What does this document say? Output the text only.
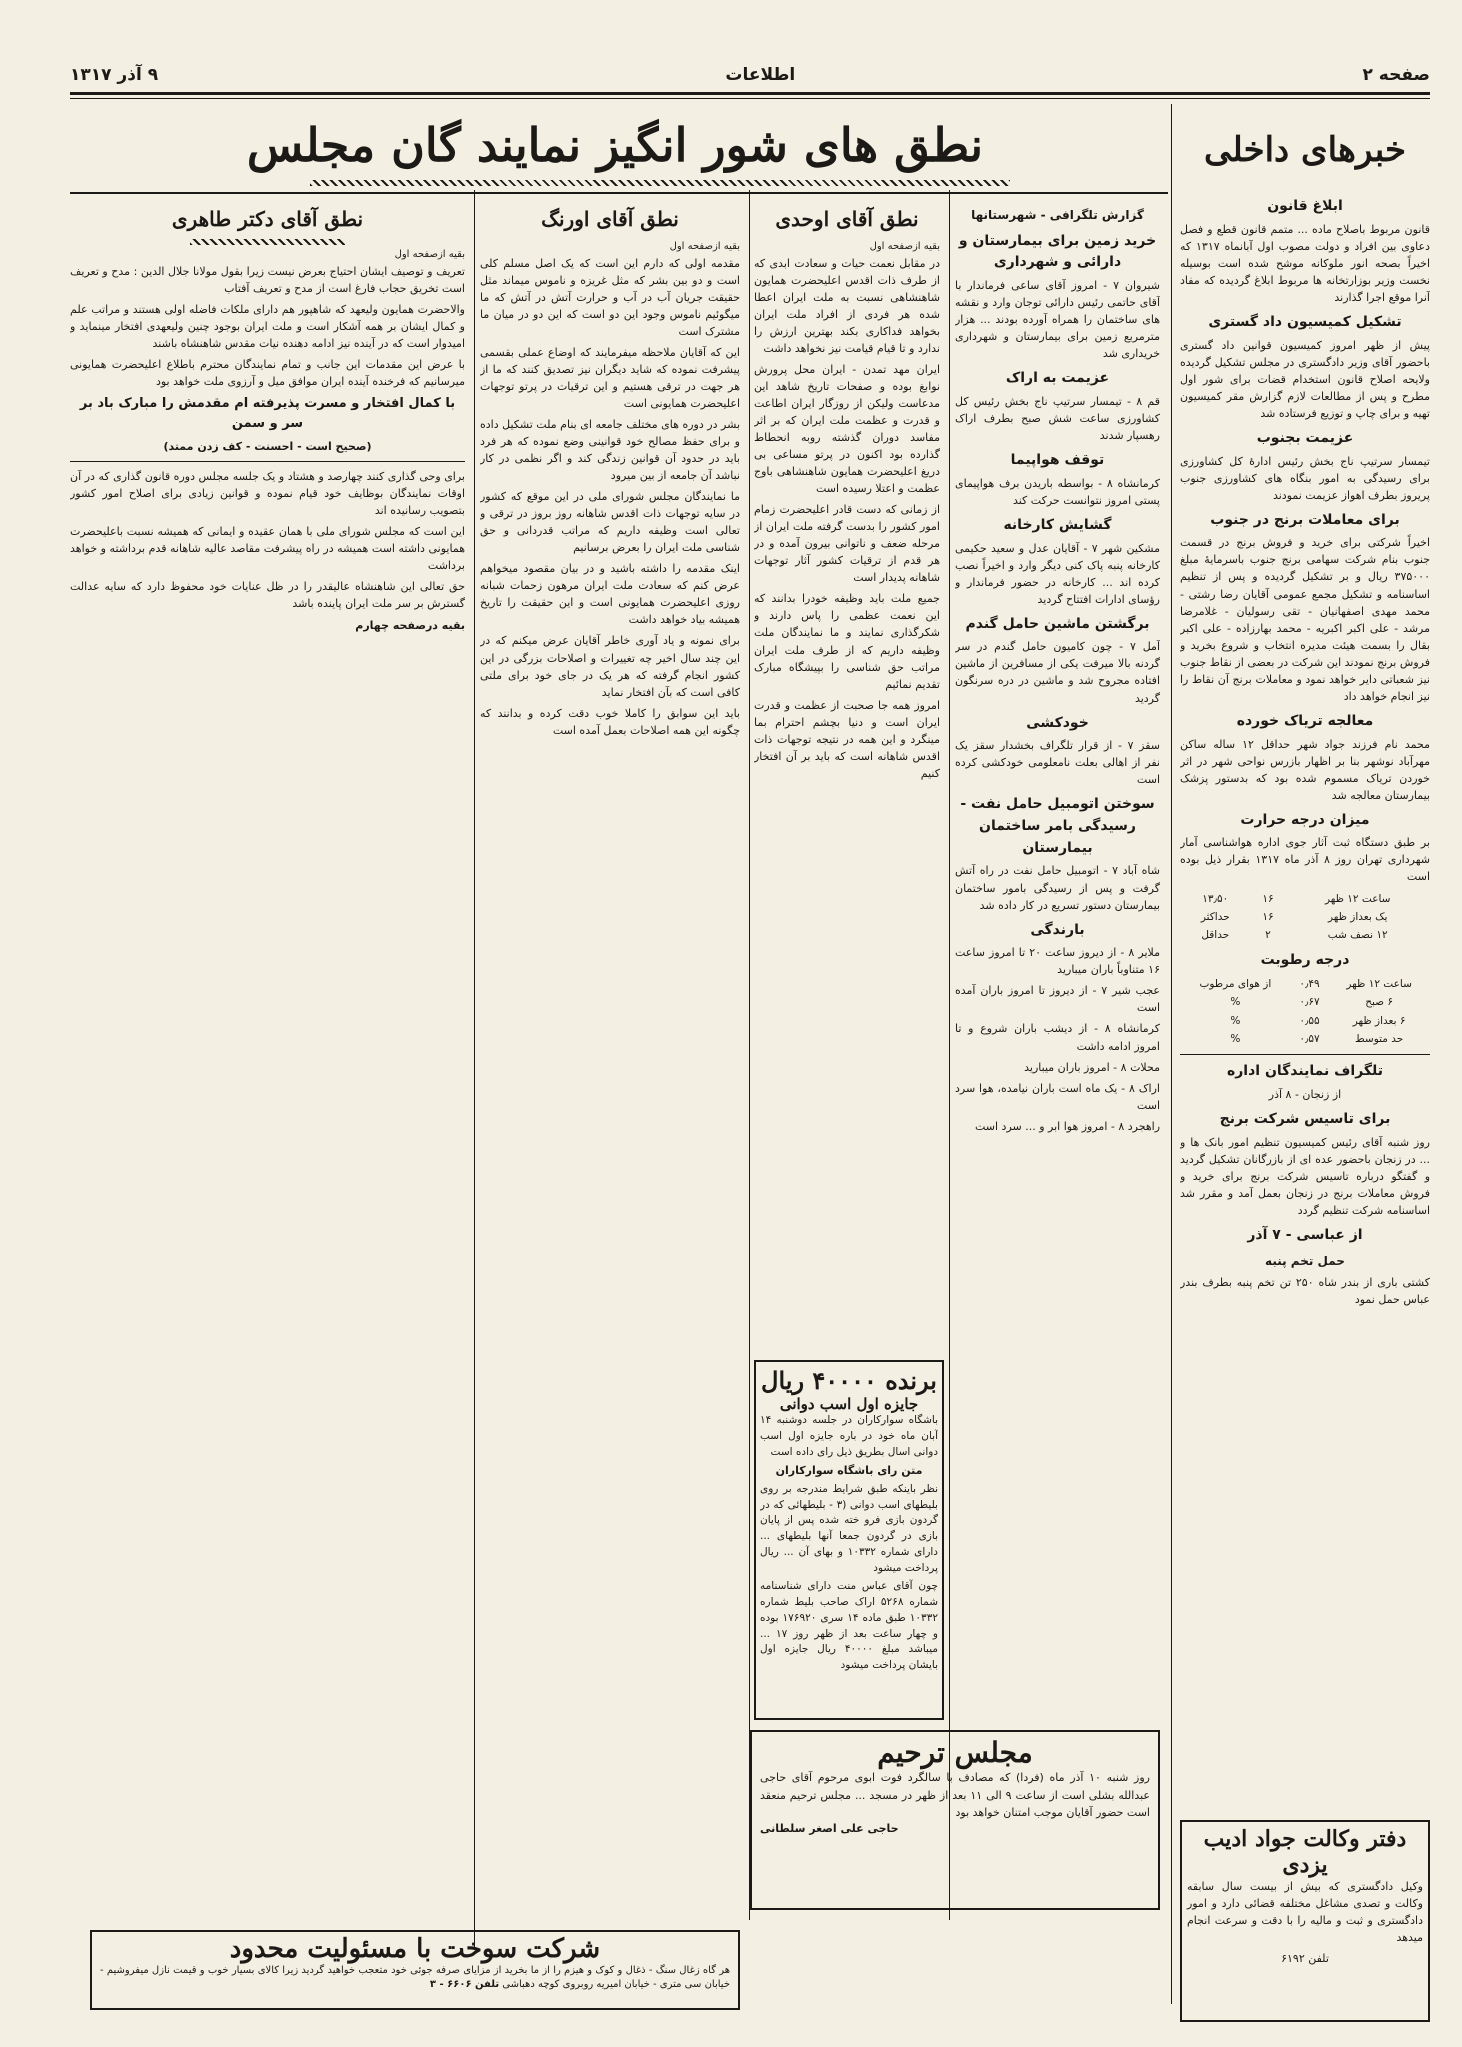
صفحه ۲
اطلاعات
۹ آذر ۱۳۱۷
خبرهای داخلی
نطق های شور انگیز نمایند گان مجلس
ابلاغ قانون

قانون مربوط باصلاح ماده ... متمم قانون قطع و فصل دعاوی بین افراد و دولت مصوب اول آبانماه ۱۳۱۷ که اخیراً بصحه انور ملوکانه موشح شده است بوسیله نخست وزیر بوزارتخانه ها مربوط ابلاغ گردیده که مفاد آنرا موقع اجرا گذارند

تشکیل کمیسیون داد گستری

پیش از ظهر امروز کمیسیون قوانین داد گستری باحضور آقای وزیر دادگستری در مجلس تشکیل گردیده ولایحه اصلاح قانون استخدام قضات برای شور اول مطرح و پس از مطالعات لازم گزارش مقر کمیسیون تهیه و برای چاپ و توزیع فرستاده شد

عزیمت بجنوب

تیمسار سرتیپ ناج بخش رئیس ادارهٔ کل کشاورزی برای رسیدگی به امور بنگاه های کشاورزی جنوب پریروز بطرف اهواز عزیمت نمودند

برای معاملات برنج در جنوب

اخیراً شرکتی برای خرید و فروش برنج در قسمت جنوب بنام شرکت سهامی برنج جنوب باسرمایهٔ مبلغ ۳۷۵۰۰۰ ریال و بر تشکیل گردیده و پس از تنظیم اساسنامه و تشکیل مجمع عمومی آقایان رضا رشتی - محمد مهدی اصفهانیان - تقی رسولیان - غلامرضا مرشد - علی اکبر اکبریه - محمد بهارزاده - علی اکبر بقال را بسمت هیئت مدیره انتخاب و شروع بخرید و فروش برنج نمودند این شرکت در بعضی از نقاط جنوب نیز شعباتی دایر خواهد نمود و معاملات برنج آن نقاط را نیز انجام خواهد داد

معالجه تریاک خورده

محمد نام فرزند جواد شهر حداقل ۱۲ ساله ساکن مهرآباد نوشهر بنا بر اظهار بازرس نواحی شهر در اثر خوردن تریاک مسموم شده بود که بدستور پزشک بیمارستان معالجه شد

میزان درجه حرارت

بر طبق دستگاه ثبت آثار جوی اداره هواشناسی آمار شهرداری تهران روز ۸ آذر ماه ۱۳۱۷ بقرار ذیل بوده است

ساعت ۱۲ ظهر	۱۶	۱۳٫۵۰
یک بعداز ظهر	۱۶	حداکثر
۱۲ نصف شب	۲	حداقل
درجه رطوبت
ساعت ۱۲ ظهر	۰٫۴۹	از هوای مرطوب
۶ صبح	۰٫۶۷	%
۶ بعداز ظهر	۰٫۵۵	%
حد متوسط	۰٫۵۷	%
تلگراف نمایندگان اداره

از زنجان - ۸ آذر

برای تاسیس شرکت برنج

روز شنبه آقای رئیس کمیسیون تنظیم امور بانک ها و ... در زنجان باحضور عده ای از بازرگانان تشکیل گردید و گفتگو درباره تاسیس شرکت برنج برای خرید و فروش معاملات برنج در زنجان بعمل آمد و مقرر شد اساسنامه شرکت تنظیم گردد

از عباسی - ۷ آذر
حمل تخم پنبه

کشتی باری از بندر شاه ۲۵۰ تن تخم پنبه بطرف بندر عباس حمل نمود

دفتر وکالت جواد ادیب یزدی

وکیل دادگستری که بیش از بیست سال سابقه وکالت و تصدی مشاغل مختلفه قضائی دارد و امور دادگستری و ثبت و مالیه را با دقت و سرعت انجام میدهد

تلفن ۶۱۹۲

گزارش تلگرافی - شهرستانها
خرید زمین برای بیمارستان و دارائی و شهرداری

شیروان ۷ - امروز آقای ساعی فرماندار با آقای حاتمی رئیس دارائی توجان وارد و نقشه های ساختمان را همراه آورده بودند ... هزار مترمربع زمین برای بیمارستان و شهرداری خریداری شد

عزیمت به اراک

قم ۸ - تیمسار سرتیپ ناج بخش رئیس کل کشاورزی ساعت شش صبح بطرف اراک رهسپار شدند

توقف هواپیما

کرمانشاه ۸ - بواسطه باریدن برف هواپیمای پستی امروز نتوانست حرکت کند

گشایش کارخانه

مشکین شهر ۷ - آقایان عدل و سعید حکیمی کارخانه پنبه پاک کنی دیگر وارد و اخیراً نصب کرده اند ... کارخانه در حضور فرماندار و رؤسای ادارات افتتاح گردید

برگشتن ماشین حامل گندم

آمل ۷ - چون کامیون حامل گندم در سر گردنه بالا میرفت یکی از مسافرین از ماشین افتاده مجروح شد و ماشین در دره سرنگون گردید

خودکشی

سقز ۷ - از قرار تلگراف بخشدار سقز یک نفر از اهالی بعلت نامعلومی خودکشی کرده است

سوختن اتومبیل حامل نفت - رسیدگی بامر ساختمان بیمارستان

شاه آباد ۷ - اتومبیل حامل نفت در راه آتش گرفت و پس از رسیدگی بامور ساختمان بیمارستان دستور تسریع در کار داده شد

بارندگی

ملایر ۸ - از دیروز ساعت ۲۰ تا امروز ساعت ۱۶ متناوباً باران میبارید

عجب شیر ۷ - از دیروز تا امروز باران آمده است

کرمانشاه ۸ - از دیشب باران شروع و تا امروز ادامه داشت

محلات ۸ - امروز باران میبارید

اراک ۸ - یک ماه است باران نیامده، هوا سرد است

راهجرد ۸ - امروز هوا ابر و ... سرد است

مجلس ترحیم
روز شنبه ۱۰ آذر ماه (فردا) که مصادف با سالگرد فوت ابوی مرحوم آقای حاجی عبدالله بشلی است از ساعت ۹ الی ۱۱ بعد از ظهر در مسجد ... مجلس ترحیم منعقد است حضور آقایان موجب امتنان خواهد بود
حاجی علی اصغر سلطانی
نطق آقای اوحدی
بقیه ازصفحه اول

در مقابل نعمت حیات و سعادت ابدی که از طرف ذات اقدس اعلیحضرت همایون شاهنشاهی نسبت به ملت ایران اعطا شده هر فردی از افراد ملت ایران بخواهد فداکاری بکند بهترین ارزش را ندارد و تا قیام قیامت نیز نخواهد داشت

ایران مهد تمدن - ایران محل پرورش نوابغ بوده و صفحات تاریخ شاهد این مدعاست ولیکن از روزگار ایران اطاعت و قدرت و عظمت ملت ایران که بر اثر مفاسد دوران گذشته روبه انحطاط گذارده بود اکنون در پرتو مساعی بی دریغ اعلیحضرت همایون شاهنشاهی باوج عظمت و اعتلا رسیده است

از زمانی که دست قادر اعلیحضرت زمام امور کشور را بدست گرفته ملت ایران از مرحله ضعف و ناتوانی بیرون آمده و در هر قدم از ترقیات کشور آثار توجهات شاهانه پدیدار است

جمیع ملت باید وظیفه خودرا بدانند که این نعمت عظمی را پاس دارند و شکرگذاری نمایند و ما نمایندگان ملت وظیفه داریم که از طرف ملت ایران مراتب حق شناسی را بپیشگاه مبارک تقدیم نمائیم

امروز همه جا صحبت از عظمت و قدرت ایران است و دنیا بچشم احترام بما مینگرد و این همه در نتیجه توجهات ذات اقدس شاهانه است که باید بر آن افتخار کنیم

برنده ۴۰۰۰۰ ریال
جایزه اول اسب دوانی

باشگاه سوارکاران در جلسه دوشنبه ۱۴ آبان ماه خود در باره جایزه اول اسب دوانی اسال بطریق ذیل رای داده است

متن رای باشگاه سوارکاران

نظر باینکه طبق شرایط مندرجه بر روی بلیطهای اسب دوانی (۳ - بلیطهائی که در گردون بازی فرو خته شده پس از پایان بازی در گردون جمعا آنها بلیطهای ... دارای شماره ۱۰۳۳۲ و بهای آن ... ریال پرداخت میشود

چون آقای عباس منت دارای شناسنامه شماره ۵۲۶۸ اراک صاحب بلیط شماره ۱۰۳۳۲ طبق ماده ۱۴ سری ۱۷۶۹۲۰ بوده و چهار ساعت بعد از ظهر روز ۱۷ ... میباشد مبلغ ۴۰۰۰۰ ریال جایزه اول بایشان پرداخت میشود

نطق آقای اورنگ
بقیه ازصفحه اول

مقدمه اولی که دارم این است که یک اصل مسلم کلی است و دو بین بشر که مثل غریزه و ناموس میماند مثل حقیقت جریان آب در آب و حرارت آتش در آتش که ما میگوئیم ناموس وجود این دو است که این دو در میان ما مشترک است

این که آقایان ملاحظه میفرمایند که اوضاع عملی بقسمی پیشرفت نموده که شاید دیگران نیز تصدیق کنند که ما از هر جهت در ترقی هستیم و این ترقیات در پرتو توجهات اعلیحضرت همایونی است

بشر در دوره های مختلف جامعه ای بنام ملت تشکیل داده و برای حفظ مصالح خود قوانینی وضع نموده که هر فرد باید در حدود آن قوانین زندگی کند و اگر نظمی در کار نباشد آن جامعه از بین میرود

ما نمایندگان مجلس شورای ملی در این موقع که کشور در سایه توجهات ذات اقدس شاهانه روز بروز در ترقی و تعالی است وظیفه داریم که مراتب قدردانی و حق شناسی ملت ایران را بعرض برسانیم

اینک مقدمه را داشته باشید و در بیان مقصود میخواهم عرض کنم که سعادت ملت ایران مرهون زحمات شبانه روزی اعلیحضرت همایونی است و این حقیقت را تاریخ همیشه بیاد خواهد داشت

برای نمونه و یاد آوری خاطر آقایان عرض میکنم که در این چند سال اخیر چه تغییرات و اصلاحات بزرگی در این کشور انجام گرفته که هر یک در جای خود برای ملتی کافی است که بآن افتخار نماید

باید این سوابق را کاملا خوب دقت کرده و بدانند که چگونه این همه اصلاحات بعمل آمده است

نطق آقای دکتر طاهری
بقیه ازصفحه اول

تعریف و توصیف ایشان احتیاج بعرض نیست زیرا بقول مولانا جلال الدین : مدح و تعریف است تخریق حجاب فارغ است از مدح و تعریف آفتاب

والاحضرت همایون ولیعهد که شاهپور هم دارای ملکات فاضله اولی هستند و مراتب علم و کمال ایشان بر همه آشکار است و ملت ایران بوجود چنین ولیعهدی افتخار مینماید و امیدوار است که در آینده نیز ادامه دهنده نیات مقدس شاهنشاه باشند

با عرض این مقدمات این جانب و تمام نمایندگان محترم باطلاع اعلیحضرت همایونی میرسانیم که فرخنده آینده ایران موافق میل و آرزوی ملت خواهد بود

با کمال افتخار و مسرت پذیرفته ام مقدمش را مبارک باد بر سر و سمن

(صحیح است - احسنت - کف زدن ممتد)

برای وحی گذاری کنند چهارصد و هشتاد و یک جلسه مجلس دوره قانون گذاری که در آن اوقات نمایندگان بوظایف خود قیام نموده و قوانین زیادی برای اصلاح امور کشور بتصویب رسانیده اند

این است که مجلس شورای ملی با همان عقیده و ایمانی که همیشه نسبت باعلیحضرت همایونی داشته است همیشه در راه پیشرفت مقاصد عالیه شاهانه قدم برداشته و خواهد برداشت

حق تعالی این شاهنشاه عالیقدر را در ظل عنایات خود محفوظ دارد که سایه عدالت گسترش بر سر ملت ایران پاینده باشد

بقیه درصفحه چهارم

شرکت سوخت با مسئولیت محدود
هر گاه زغال سنگ - ذغال و کوک و هیزم را از ما بخرید از مزایای صرفه جوئی خود متعجب خواهید گردید زیرا کالای بسیار خوب و قیمت نازل میفروشیم - خیابان سی متری - خیابان امیریه روبروی کوچه دهباشی تلفن ۶۶۰۶ - ۳
